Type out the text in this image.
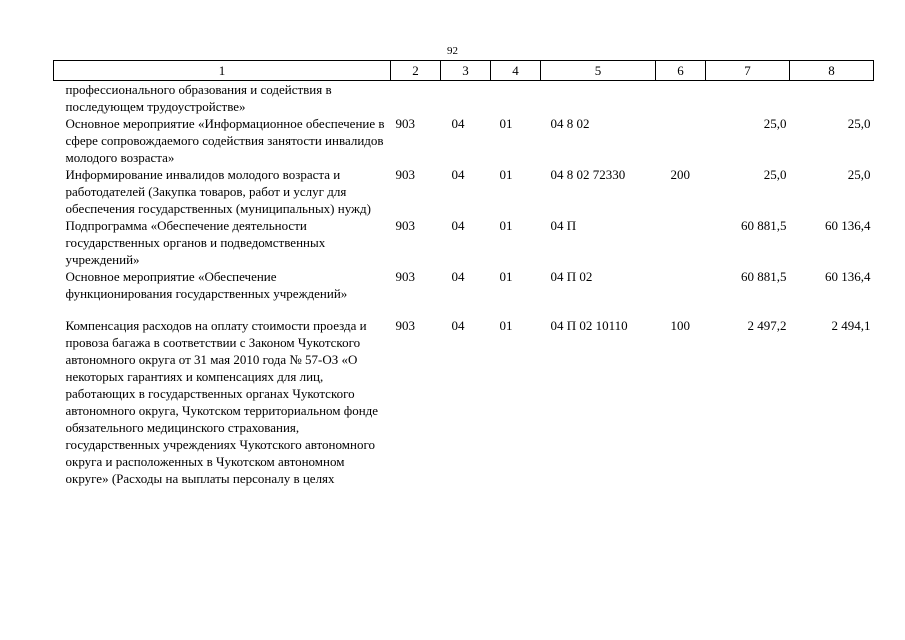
92
1	2	3	4	5	6	7	8
профессионального образования и содействия в последующем трудоустройстве»							
Основное мероприятие «Информационное обеспечение в сфере сопровождаемого содействия занятости инвалидов молодого возраста»	903	04	01	04 8 02		25,0	25,0
Информирование инвалидов молодого возраста и работодателей (Закупка товаров, работ и услуг для обеспечения государственных (муниципальных) нужд)	903	04	01	04 8 02 72330	200	25,0	25,0
Подпрограмма «Обеспечение деятельности государственных органов и подведомственных учреждений»	903	04	01	04 П		60 881,5	60 136,4
Основное мероприятие «Обеспечение функционирования государственных учреждений»	903	04	01	04 П 02		60 881,5	60 136,4

Компенсация расходов на оплату стоимости проезда и провоза багажа в соответствии с Законом Чукотского автономного округа от 31 мая 2010 года № 57-ОЗ «О некоторых гарантиях и компенсациях для лиц, работающих в государственных органах Чукотского автономного округа, Чукотском территориальном фонде обязательного медицинского страхования, государственных учреждениях Чукотского автономного округа и расположенных в Чукотском автономном округе» (Расходы на выплаты персоналу в целях	903	04	01	04 П 02 10110	100	2 497,2	2 494,1
